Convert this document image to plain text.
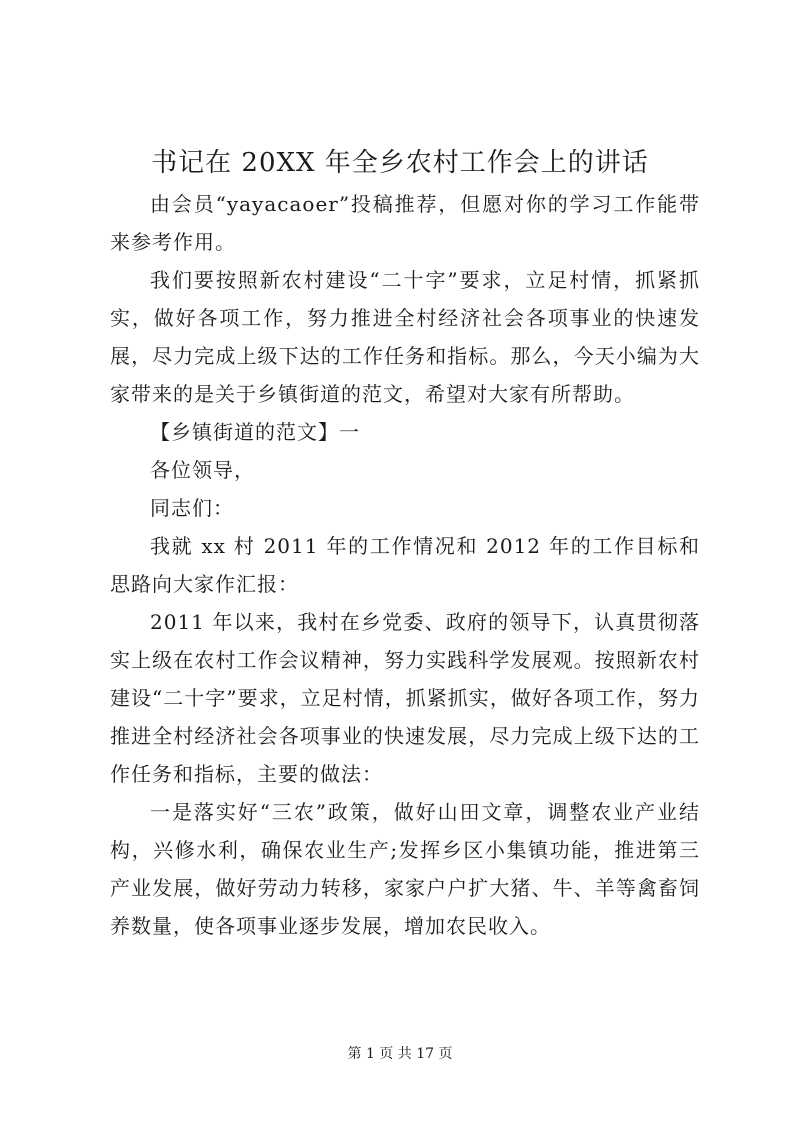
书记在 20XX 年全乡农村工作会上的讲话

由会员“yayacaoer”投稿推荐，但愿对你的学习工作能带来参考作用。

我们要按照新农村建设“二十字”要求，立足村情，抓紧抓实，做好各项工作，努力推进全村经济社会各项事业的快速发展，尽力完成上级下达的工作任务和指标。那么，今天小编为大家带来的是关于乡镇街道的范文，希望对大家有所帮助。

【乡镇街道的范文】一

各位领导，

同志们：

我就 xx 村 2011 年的工作情况和 2012 年的工作目标和思路向大家作汇报：

2011 年以来，我村在乡党委、政府的领导下，认真贯彻落实上级在农村工作会议精神，努力实践科学发展观。按照新农村建设“二十字”要求，立足村情，抓紧抓实，做好各项工作，努力推进全村经济社会各项事业的快速发展，尽力完成上级下达的工作任务和指标，主要的做法：

一是落实好“三农”政策，做好山田文章，调整农业产业结构，兴修水利，确保农业生产;发挥乡区小集镇功能，推进第三产业发展，做好劳动力转移，家家户户扩大猪、牛、羊等禽畜饲养数量，使各项事业逐步发展，增加农民收入。

第 1 页 共 17 页
